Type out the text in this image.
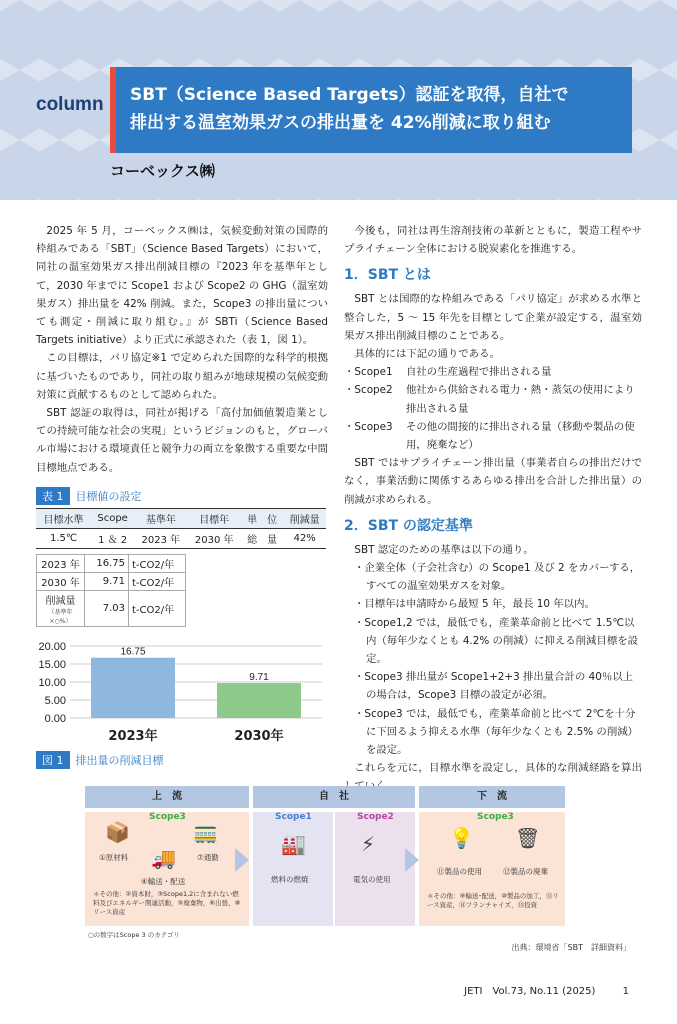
column SBT（Science Based Targets）認証を取得，自社で
排出する温室効果ガスの排出量を 42%削減に取り組む
コーベックス㈱

2025 年 5 月，コーベックス㈱は，気候変動対策の国際的枠組みである「SBT」（Science Based Targets）において，同社の温室効果ガス排出削減目標の『2023 年を基準年として，2030 年までに Scope1 および Scope2 の GHG（温室効果ガス）排出量を 42% 削減。また，Scope3 の排出量についても測定・削減に取り組む。』が SBTi（Science Based Targets initiative）より正式に承認された（表 1，図 1）。

この目標は，パリ協定※1 で定められた国際的な科学的根拠に基づいたものであり，同社の取り組みが地球規模の気候変動対策に貢献するものとして認められた。

SBT 認証の取得は，同社が掲げる「高付加価値製造業としての持続可能な社会の実現」というビジョンのもと，グローバル市場における環境責任と競争力の両立を象徴する重要な中間目標地点である。

今後も，同社は再生溶剤技術の革新とともに，製造工程やサプライチェーン全体における脱炭素化を推進する。

1．SBT とは

SBT とは国際的な枠組みである「パリ協定」が求める水準と整合した，5 ～ 15 年先を目標として企業が設定する，温室効果ガス排出削減目標のことである。

具体的には下記の通りである。

・Scope1	自社の生産過程で排出される量
・Scope2	他社から供給される電力・熱・蒸気の使用により排出される量
・Scope3	その他の間接的に排出される量（移動や製品の使用，廃棄など）

SBT ではサプライチェーン排出量（事業者自らの排出だけでなく，事業活動に関係するあらゆる排出を合計した排出量）の削減が求められる。

2．SBT の認定基準

SBT 認定のための基準は以下の通り。

・企業全体（子会社含む）の Scope1 及び 2 をカバーする，すべての温室効果ガスを対象。
・目標年は申請時から最短 5 年，最長 10 年以内。
・Scope1,2 では，最低でも，産業革命前と比べて 1.5℃以内（毎年少なくとも 4.2% の削減）に抑える削減目標を設定。
・Scope3 排出量が Scope1+2+3 排出量合計の 40％以上の場合は，Scope3 目標の設定が必須。
・Scope3 では，最低でも，産業革命前と比べて 2℃を十分に下回るよう抑える水準（毎年少なくとも 2.5% の削減）を設定。

これらを元に，目標水準を設定し，具体的な削減経路を算出

表 1	目標値の設定
目標水準	Scope	基準年	目標年	単　位	削減量
1.5℃	1 ＆ 2	2023 年	2030 年	総　量	42%
2023 年	16.75	t-CO2/年
2030 年	9.71	t-CO2/年
削減量
（基準年×○%）	7.03	t-CO2/年
20.00
15.00
10.00
5.00
0.00
16.75
2023年
9.71
2030年
図 1	排出量の削減目標
上　流	自　社	下　流
Scope3
📦
①原材料
🚃
⑦通勤
🚚
④輸送・配送
＊その他：②資本財，③Scope1,2に含まれない燃料及びエネルギー関連活動，⑤廃棄物，⑥出張，⑧リース資産
Scope1
🏭
燃料の燃焼
Scope2
⚡
電気の使用
Scope3
💡
⑪製品の使用
🗑
⑫製品の廃棄
＊その他：⑨輸送･配送，⑩製品の加工，⑬リース資産，⑭フランチャイズ，⑮投資
○の数字はScope 3 のカテゴリ
出典：環境省「SBT　詳細資料」
JETI　Vol.73, No.11 (2025)	1
